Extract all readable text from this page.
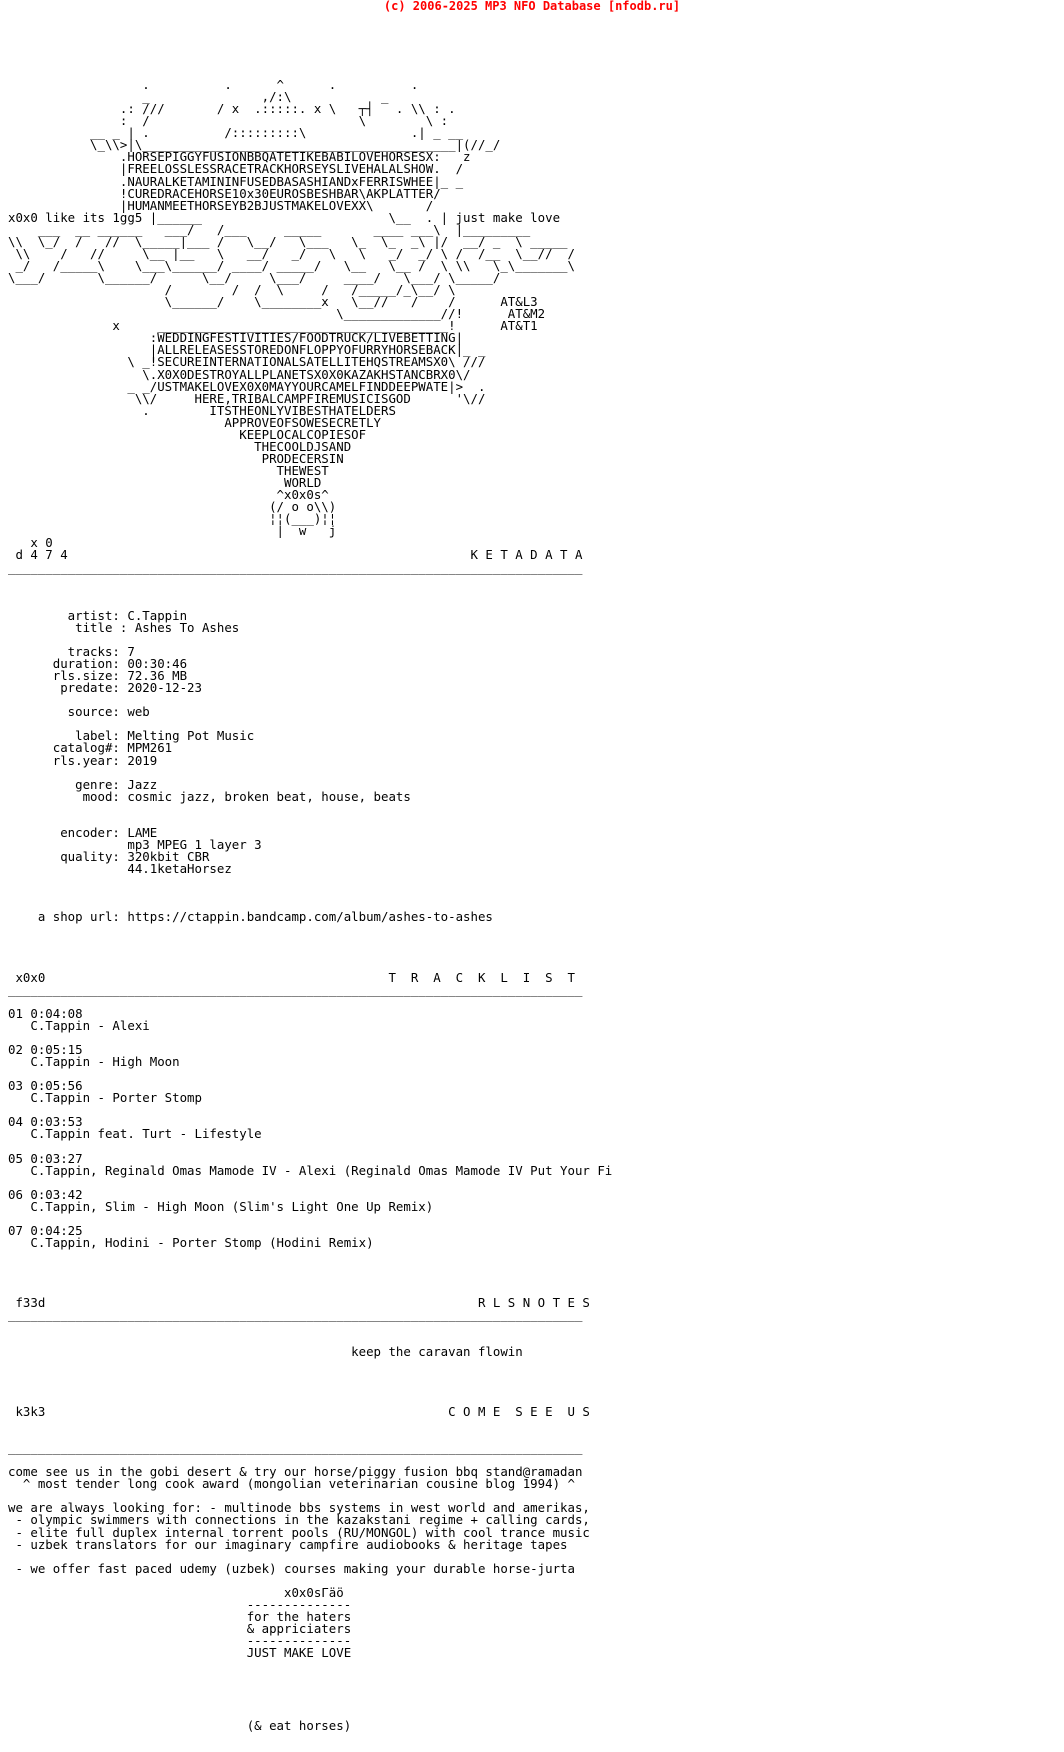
(c) 2006-2025 MP3 NFO Database [nfodb.ru]
.          .      ^      .          .
_               ,/:\            _
.: ///       / x  .:::::. x \   ┬┤   . \\ : .
:  /                            \        \ :
__ _ | .          /:::::::::\              .| _ __
\_\\>|\__________________________________________|(//_/
.HORSEPIGGYFUSIONBBQATETIKEBABILOVEHORSESX:   z
|FREELOSSLESSRACETRACKHORSEYSLIVEHALALSHOW.  /
.NAURALKETAMININFUSEDBASASHIANDxFERRISWHEE|_ _
!CUREDRACEHORSE10x30EUROSBESHBAR\AKPLATTER/
|HUMANMEETHORSEYB2BJUSTMAKELOVEXX\       /
x0x0 like its 1gg5 |______                         \__  . | just make love
___  __ ______   ___/   /___     _____       ____ ___\  |_________
\\  \_/  /   //  \_____|___ /   \__/   \___   \_  \_  _\ |/  __/ _  \ _____
\\    /   //     \__ |__   \   __/   _/   \   \   _/  _/ \ /  /__  \__//  /
_/   /_____\    \___\______/ ____/ _____/   \__   \__ /  \ \\   \_\_______\
\___/       \______/      \__/     \___/     ____/   \___/ \_____/
/        /  /  \     /   /_____/_\__/ \
\______/    \________x   \__//   /    /      AT&L3
\_____________//!      AT&M2
x     _______________________________________!      AT&T1
:WEDDINGFESTIVITIES/FOODTRUCK/LIVEBETTING|
|ALLRELEASESSTOREDONFLOPPYOFURRYHORSEBACK|_ _
\ _!SECUREINTERNATIONALSATELLITEHQSTREAMSX0\ ///
\.X0X0DESTROYALLPLANETSX0X0KAZAKHSTANCBRX0\/
_ _/USTMAKELOVEX0X0MAYYOURCAMELFINDDEEPWATE|>  .
\\/     HERE,TRIBALCAMPFIREMUSICISGOD      '\//
.        ITSTHEONLYVIBESTHATELDERS
APPROVEOFSOWESECRETLY
KEEPLOCALCOPIESOF
THECOOLDJSAND
PRODECERSIN
THEWEST
WORLD
^x0x0s^
(/ o o\\)
¦¦(___)¦¦
|  w   j
x 0
d 4 7 4                                                      K E T A D A T A
_____________________________________________________________________________

artist: C.Tappin
title : Ashes To Ashes

tracks: 7
duration: 00:30:46
rls.size: 72.36 MB
predate: 2020-12-23

source: web

label: Melting Pot Music
catalog#: MPM261
rls.year: 2019

genre: Jazz
mood: cosmic jazz, broken beat, house, beats

encoder: LAME
mp3 MPEG 1 layer 3
quality: 320kbit CBR
44.1ketaHorsez

a shop url: https://ctappin.bandcamp.com/album/ashes-to-ashes

x0x0                                              T  R  A  C  K  L  I  S  T
_____________________________________________________________________________

01 0:04:08
C.Tappin - Alexi

02 0:05:15
C.Tappin - High Moon

03 0:05:56
C.Tappin - Porter Stomp

04 0:03:53
C.Tappin feat. Turt - Lifestyle

05 0:03:27
C.Tappin, Reginald Omas Mamode IV - Alexi (Reginald Omas Mamode IV Put Your Fi

06 0:03:42
C.Tappin, Slim - High Moon (Slim's Light One Up Remix)

07 0:04:25
C.Tappin, Hodini - Porter Stomp (Hodini Remix)

f33d                                                          R L S N O T E S
_____________________________________________________________________________

keep the caravan flowin

k3k3                                                      C O M E  S E E  U S

_____________________________________________________________________________

come see us in the gobi desert & try our horse/piggy fusion bbq stand@ramadan
^ most tender long cook award (mongolian veterinarian cousine blog 1994) ^

we are always looking for: - multinode bbs systems in west world and amerikas,
- olympic swimmers with connections in the kazakstani regime + calling cards,
- elite full duplex internal torrent pools (RU/MONGOL) with cool trance music
- uzbek translators for our imaginary campfire audiobooks & heritage tapes

- we offer fast paced udemy (uzbek) courses making your durable horse-jurta

x0x0sГäö
--------------
for the haters
& appriciaters
--------------
JUST MAKE LOVE

(& eat horses)
